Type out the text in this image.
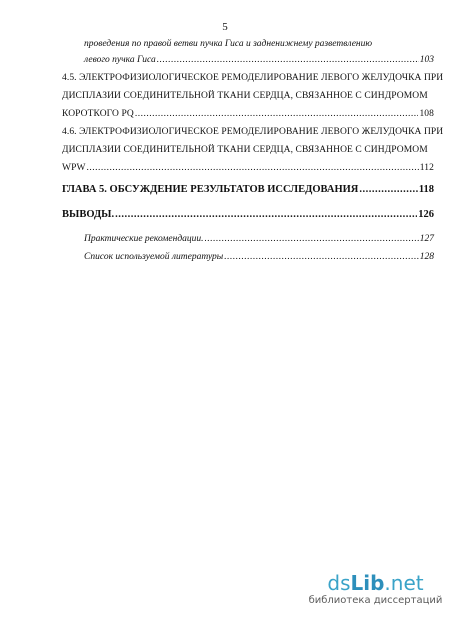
5
проведения по правой ветви пучка Гиса и задненижнему разветвлению
левого пучка Гиса .....	103
4.5. ЭЛЕКТРОФИЗИОЛОГИЧЕСКОЕ РЕМОДЕЛИРОВАНИЕ ЛЕВОГО ЖЕЛУДОЧКА ПРИ
ДИСПЛАЗИИ СОЕДИНИТЕЛЬНОЙ ТКАНИ СЕРДЦА, СВЯЗАННОЕ С СИНДРОМОМ
КОРОТКОГО PQ .....	108
4.6. ЭЛЕКТРОФИЗИОЛОГИЧЕСКОЕ РЕМОДЕЛИРОВАНИЕ ЛЕВОГО ЖЕЛУДОЧКА ПРИ
ДИСПЛАЗИИ СОЕДИНИТЕЛЬНОЙ ТКАНИ СЕРДЦА, СВЯЗАННОЕ С СИНДРОМОМ
WPW .....	112
ГЛАВА 5. ОБСУЖДЕНИЕ РЕЗУЛЬТАТОВ ИССЛЕДОВАНИЯ .....	118
ВЫВОДЫ. .....	126
Практические рекомендации. .....	127
Список используемой литературы .....	128
dsLib.net
библиотека диссертаций
